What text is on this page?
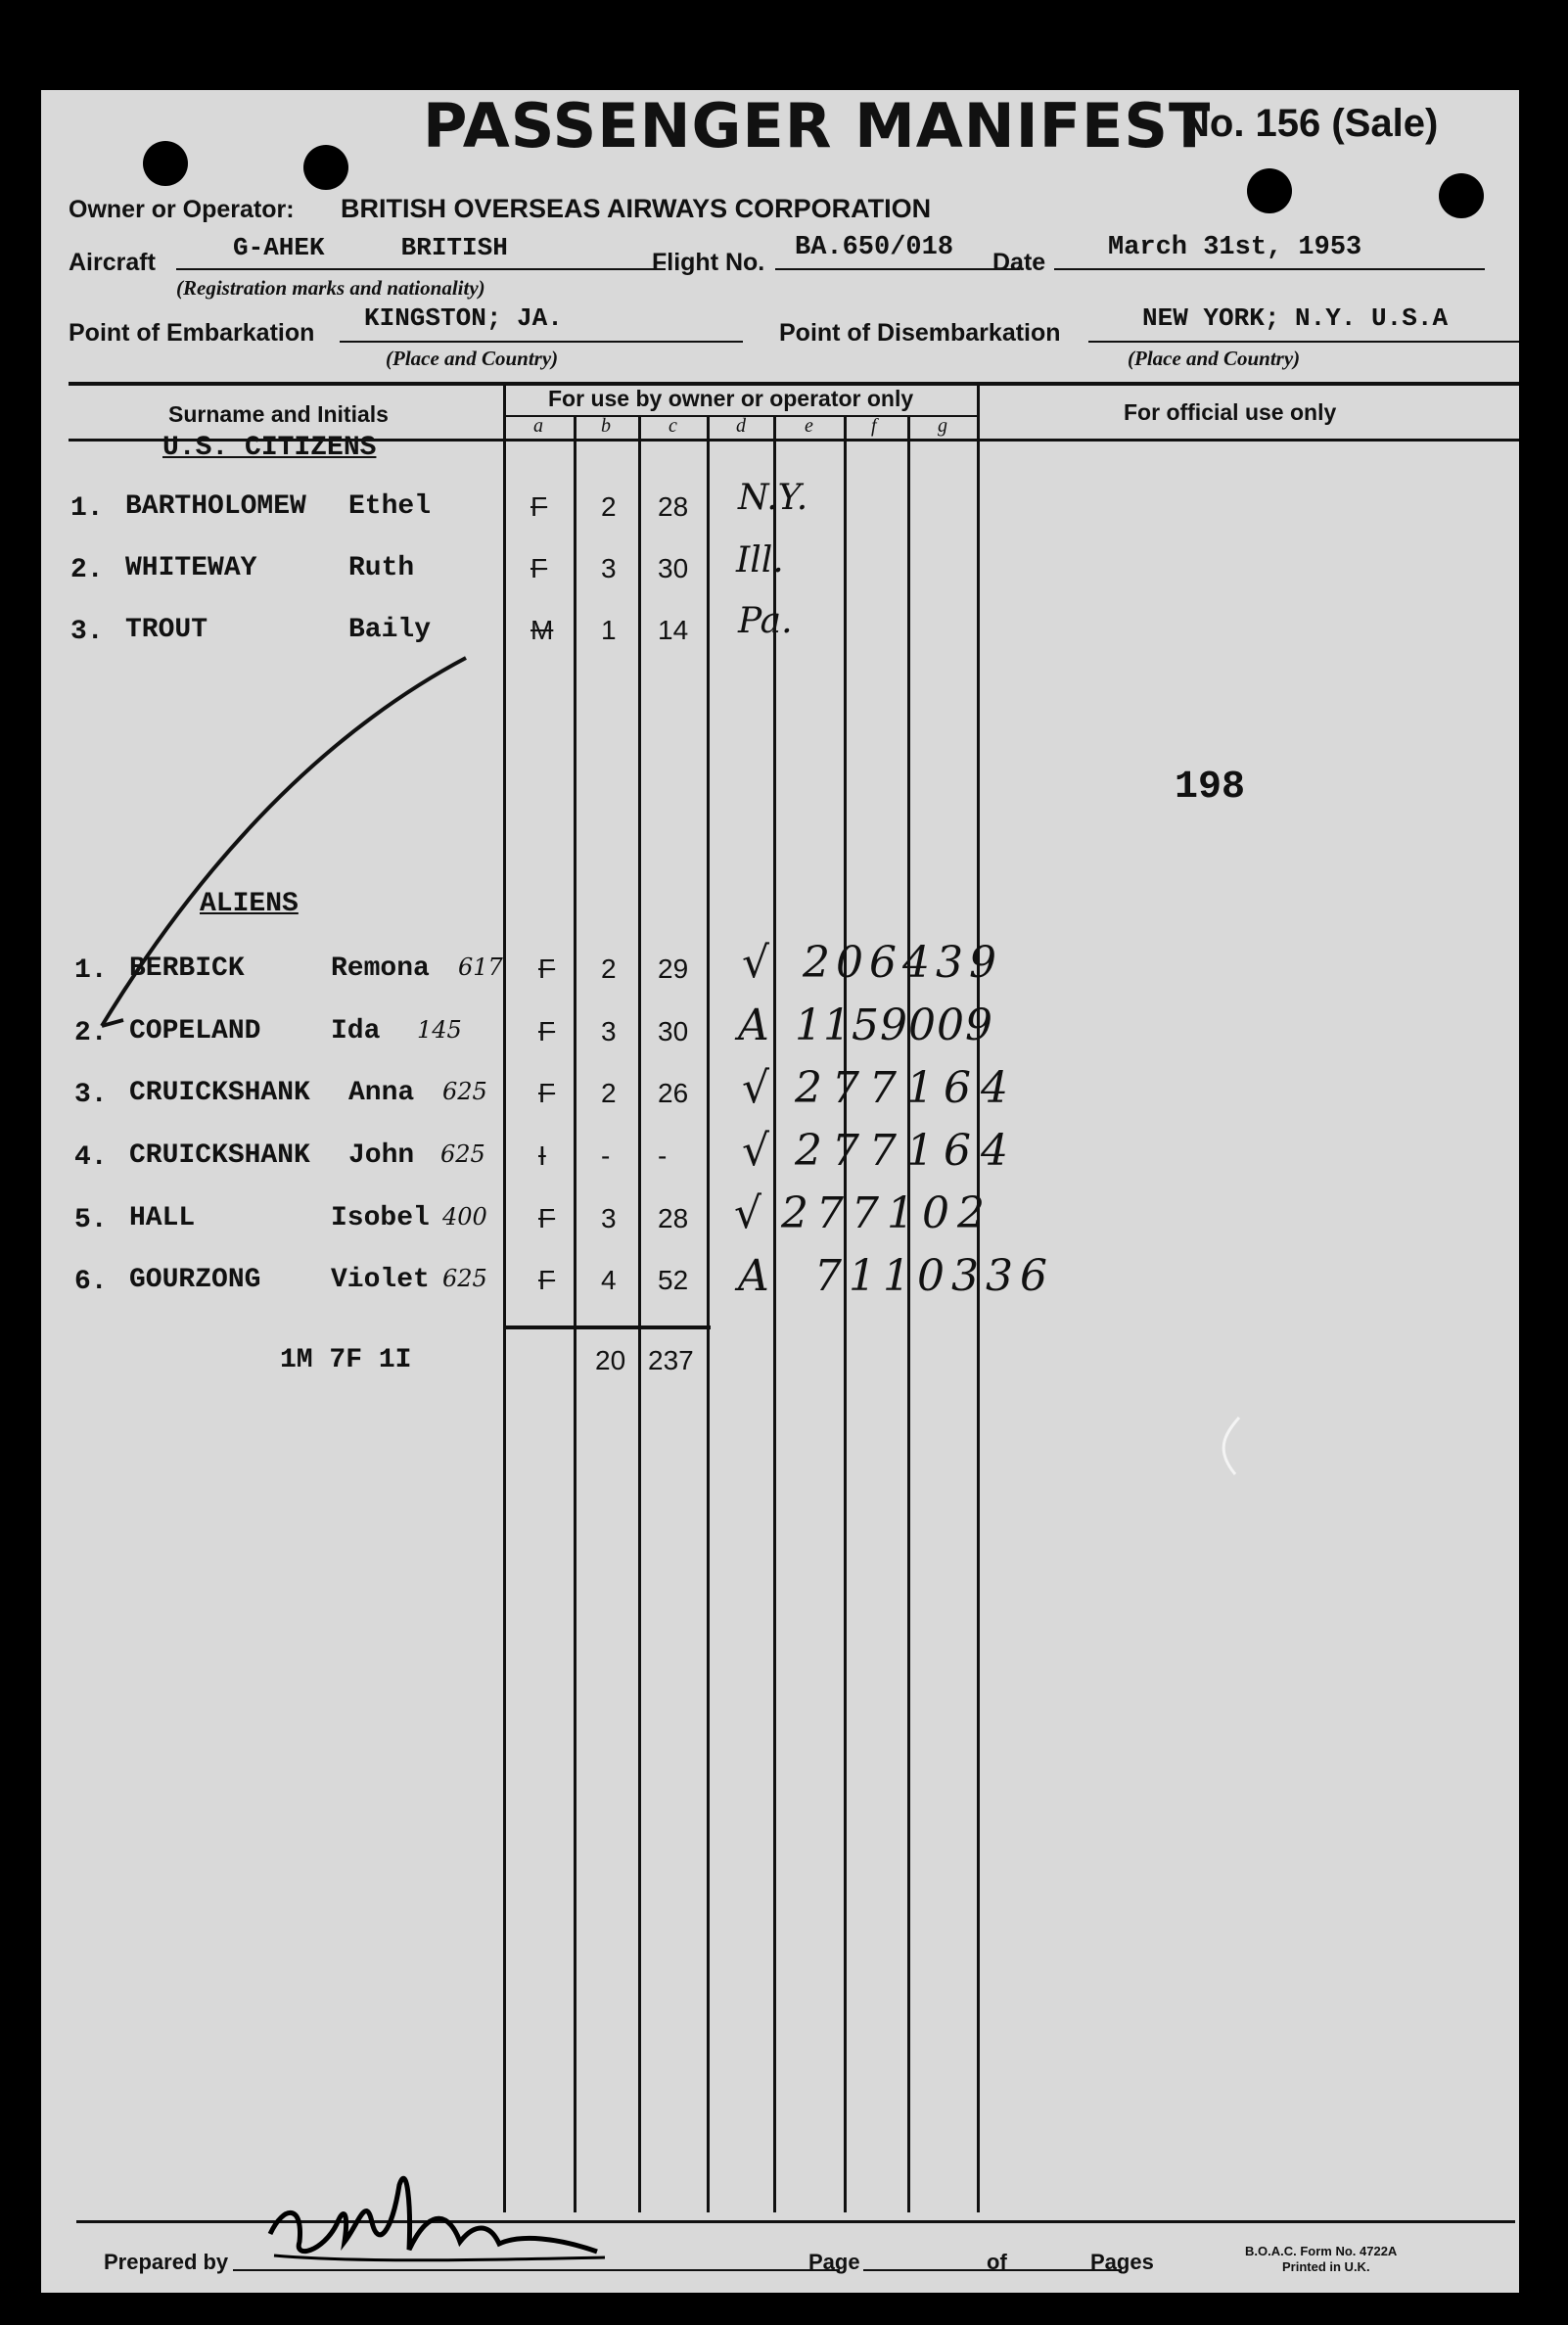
PASSENGER MANIFEST
No. 156 (Sale)
Owner or Operator: BRITISH OVERSEAS AIRWAYS CORPORATION
Aircraft	G-AHEK     BRITISH
(Registration marks and nationality)
Flight No. BA.650/018 Date March 31st, 1953
Point of Embarkation KINGSTON; JA.
(Place and Country)
Point of Disembarkation	NEW YORK; N.Y. U.S.A
(Place and Country)
Surname and Initials
For use by owner or operator only
For official use only
a	b	c	d	e	f	g
U.S. CITIZENS
1. BARTHOLOMEW Ethel	F 2 28 N.Y.
2. WHITEWAY	Ruth	F 3 30 Ill.
3. TROUT	Baily	M 1 14 Pa.
198
ALIENS
1. BERBICK	Remona 617 F 2 29 √ 206439
2. COPELAND	Ida 145	F 3 30 A 1159009
3. CRUICKSHANK Anna 625 F 2 26 √ 277164
4. CRUICKSHANK John 625 I - - √ 277164
5. HALL	Isobel 400 F 3 28 √ 277102
6. GOURZONG	Violet 625 F 4 52 A 7110336
1M 7F 1I	20 237
Prepared by	Page	of	Pages	B.O.A.C. Form No. 4722A
Printed in U.K.
